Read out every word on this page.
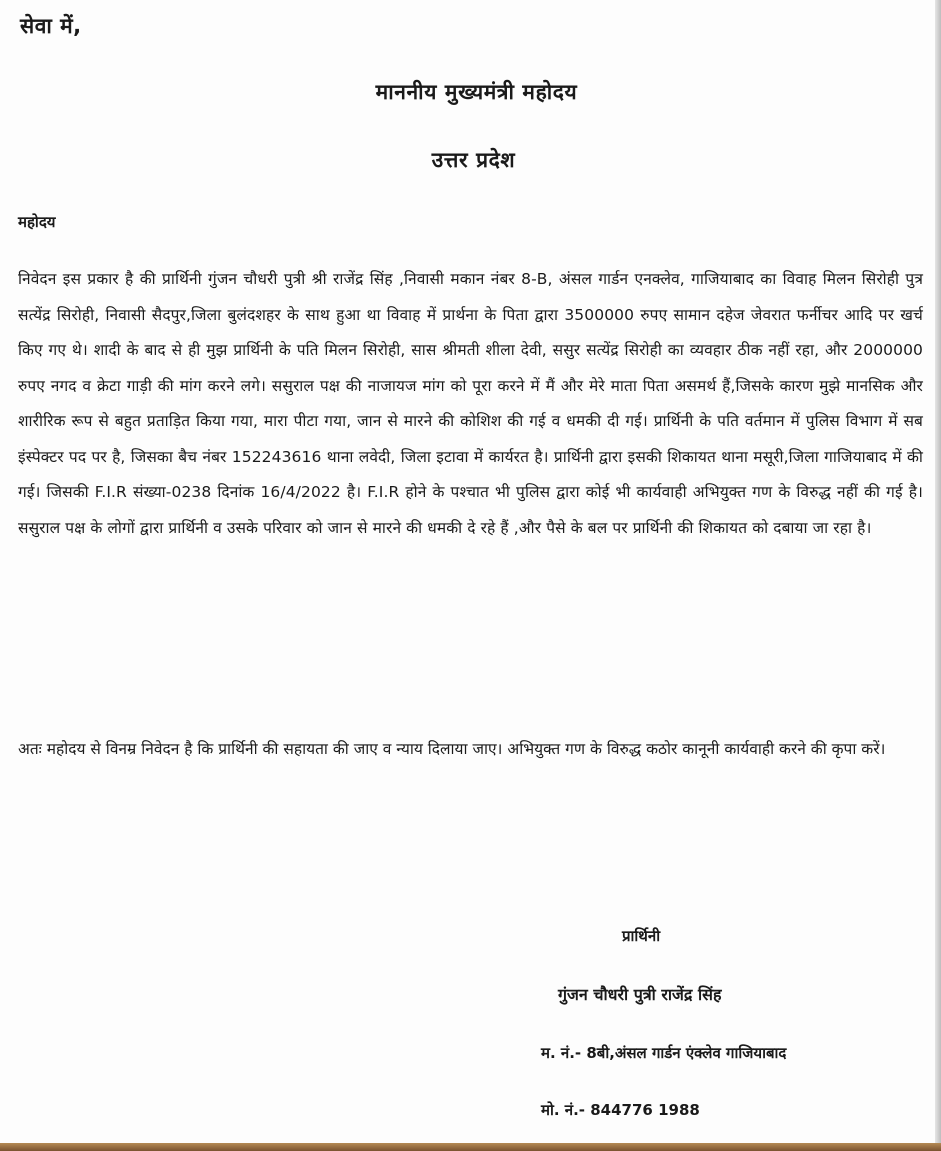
सेवा में,
माननीय मुख्यमंत्री महोदय
उत्तर प्रदेश
महोदय

निवेदन इस प्रकार है की प्रार्थिनी गुंजन चौधरी पुत्री श्री राजेंद्र सिंह ,निवासी मकान नंबर 8-B, अंसल गार्डन एनक्लेव, गाजियाबाद का विवाह मिलन सिरोही पुत्र सत्येंद्र सिरोही, निवासी सैदपुर,जिला बुलंदशहर के साथ हुआ था विवाह में प्रार्थना के पिता द्वारा 3500000 रुपए सामान दहेज जेवरात फर्नीचर आदि पर खर्च किए गए थे। शादी के बाद से ही मुझ प्रार्थिनी के पति मिलन सिरोही, सास श्रीमती शीला देवी, ससुर सत्येंद्र सिरोही का व्यवहार ठीक नहीं रहा, और 2000000 रुपए नगद व क्रेटा गाड़ी की मांग करने लगे। ससुराल पक्ष की नाजायज मांग को पूरा करने में मैं और मेरे माता पिता असमर्थ हैं,जिसके कारण मुझे मानसिक और शारीरिक रूप से बहुत प्रताड़ित किया गया, मारा पीटा गया, जान से मारने की कोशिश की गई व धमकी दी गई। प्रार्थिनी के पति वर्तमान में पुलिस विभाग में सब इंस्पेक्टर पद पर है, जिसका बैच नंबर 152243616 थाना लवेदी, जिला इटावा में कार्यरत है। प्रार्थिनी द्वारा इसकी शिकायत थाना मसूरी,जिला गाजियाबाद में की गई। जिसकी F.I.R संख्या-0238 दिनांक 16/4/2022 है। F.I.R होने के पश्चात भी पुलिस द्वारा कोई भी कार्यवाही अभियुक्त गण के विरुद्ध नहीं की गई है। ससुराल पक्ष के लोगों द्वारा प्रार्थिनी व उसके परिवार को जान से मारने की धमकी दे रहे हैं ,और पैसे के बल पर प्रार्थिनी की शिकायत को दबाया जा रहा है।

अतः महोदय से विनम्र निवेदन है कि प्रार्थिनी की सहायता की जाए व न्याय दिलाया जाए। अभियुक्त गण के विरुद्ध कठोर कानूनी कार्यवाही करने की कृपा करें।

प्रार्थिनी
गुंजन चौधरी पुत्री राजेंद्र सिंह
म. नं.- 8बी,अंसल गार्डन एंक्लेव गाजियाबाद
मो. नं.- 844776 1988
